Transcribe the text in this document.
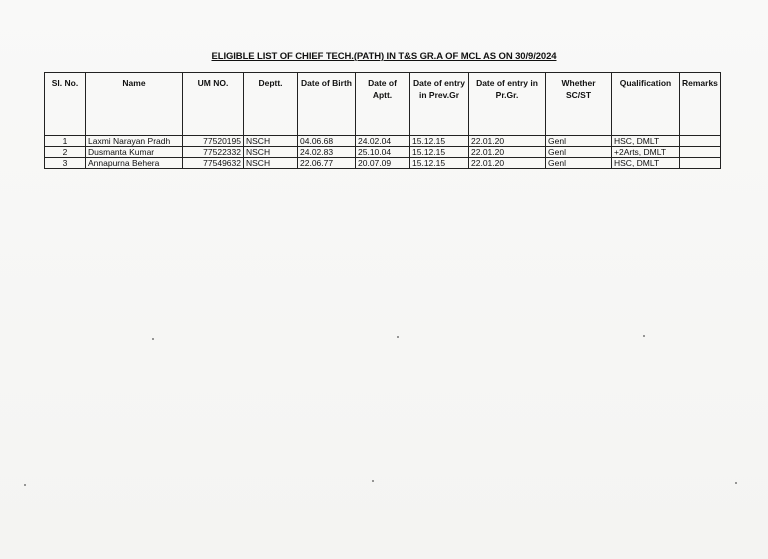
ELIGIBLE LIST OF CHIEF TECH.(PATH) IN T&S GR.A OF MCL AS ON 30/9/2024
Sl. No.	Name	UM NO.	Deptt.	Date of Birth	Date of Aptt.	Date of entry in Prev.Gr	Date of entry in Pr.Gr.	Whether SC/ST	Qualification	Remarks
1	Laxmi Narayan Pradh	77520195	NSCH	04.06.68	24.02.04	15.12.15	22.01.20	Genl	HSC, DMLT	
2	Dusmanta Kumar	77522332	NSCH	24.02.83	25.10.04	15.12.15	22.01.20	Genl	+2Arts, DMLT	
3	Annapurna Behera	77549632	NSCH	22.06.77	20.07.09	15.12.15	22.01.20	Genl	HSC, DMLT	
